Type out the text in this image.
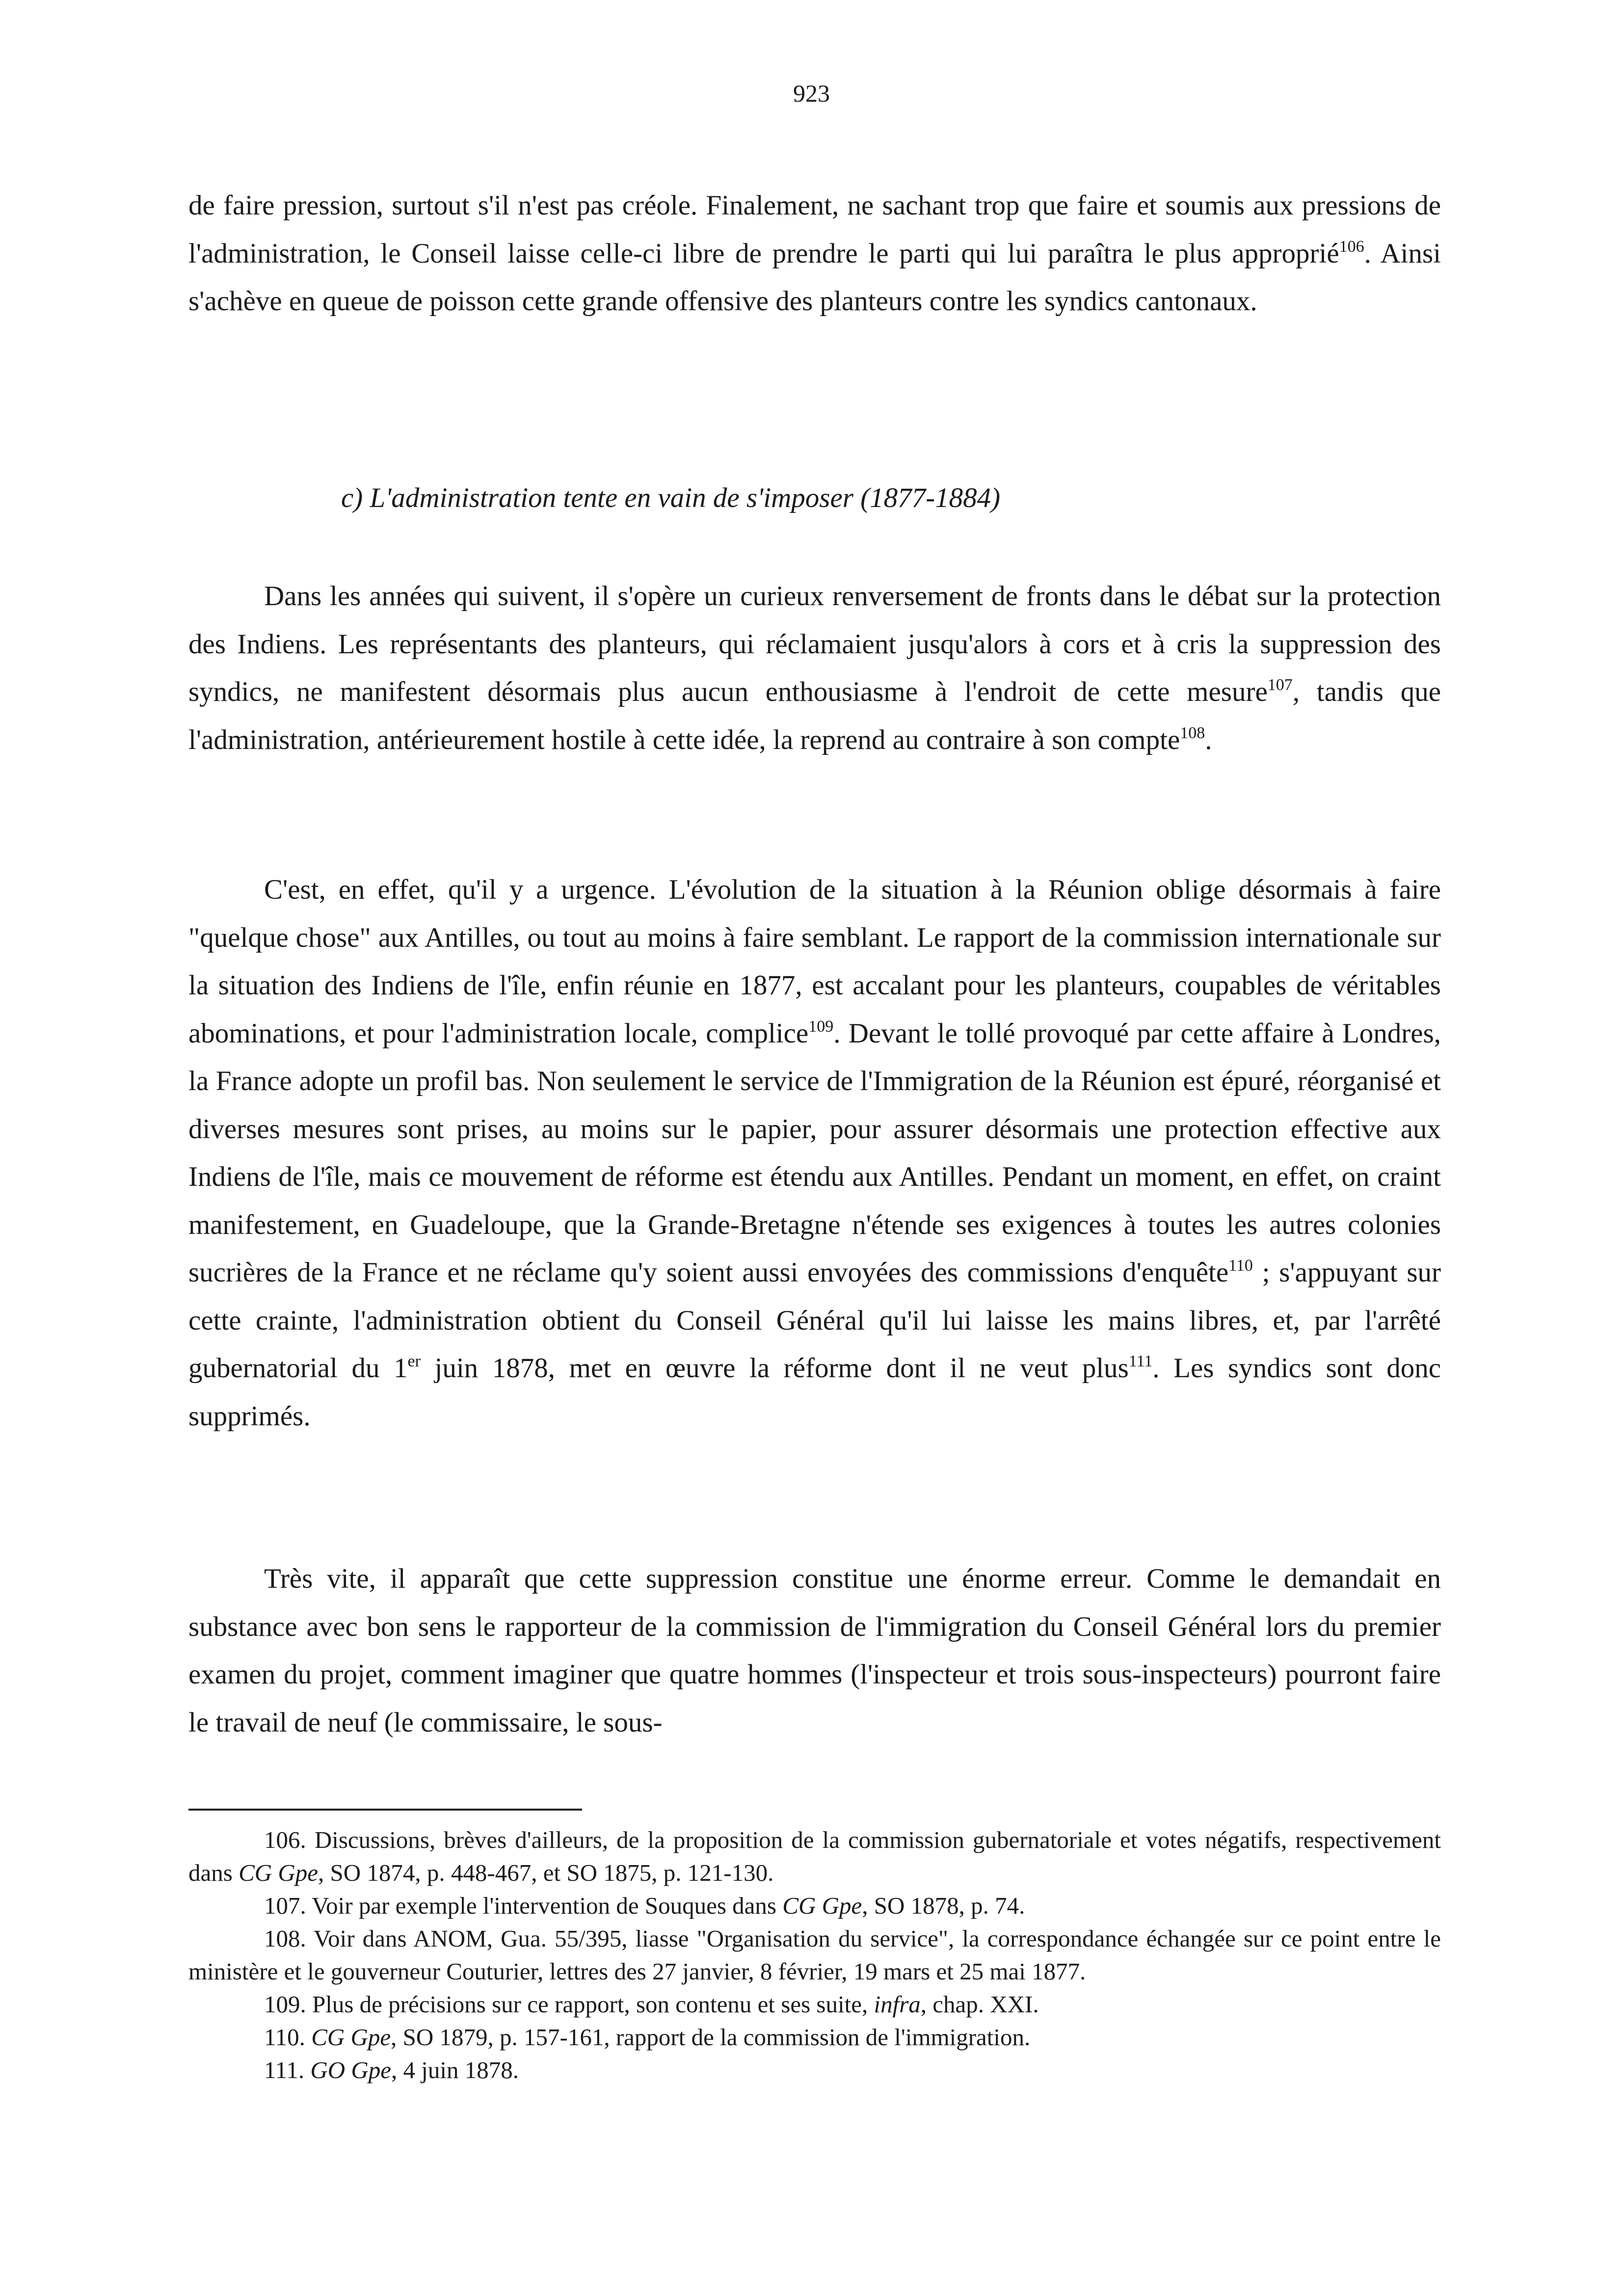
923

de faire pression, surtout s'il n'est pas créole. Finalement, ne sachant trop que faire et soumis aux pressions de l'administration, le Conseil laisse celle-ci libre de prendre le parti qui lui paraîtra le plus approprié$^{106}$. Ainsi s'achève en queue de poisson cette grande offensive des planteurs contre les syndics cantonaux.

c) L'administration tente en vain de s'imposer (1877-1884)

Dans les années qui suivent, il s'opère un curieux renversement de fronts dans le débat sur la protection des Indiens. Les représentants des planteurs, qui réclamaient jusqu'alors à cors et à cris la suppression des syndics, ne manifestent désormais plus aucun enthousiasme à l'endroit de cette mesure$^{107}$, tandis que l'administration, antérieurement hostile à cette idée, la reprend au contraire à son compte$^{108}$.

C'est, en effet, qu'il y a urgence. L'évolution de la situation à la Réunion oblige désormais à faire "quelque chose" aux Antilles, ou tout au moins à faire semblant. Le rapport de la commission internationale sur la situation des Indiens de l'île, enfin réunie en 1877, est accalant pour les planteurs, coupables de véritables abominations, et pour l'administration locale, complice$^{109}$. Devant le tollé provoqué par cette affaire à Londres, la France adopte un profil bas. Non seulement le service de l'Immigration de la Réunion est épuré, réorganisé et diverses mesures sont prises, au moins sur le papier, pour assurer désormais une protection effective aux Indiens de l'île, mais ce mouvement de réforme est étendu aux Antilles. Pendant un moment, en effet, on craint manifestement, en Guadeloupe, que la Grande-Bretagne n'étende ses exigences à toutes les autres colonies sucrières de la France et ne réclame qu'y soient aussi envoyées des commissions d'enquête$^{110}$ ; s'appuyant sur cette crainte, l'administration obtient du Conseil Général qu'il lui laisse les mains libres, et, par l'arrêté gubernatorial du 1er juin 1878, met en œuvre la réforme dont il ne veut plus$^{111}$. Les syndics sont donc supprimés.

Très vite, il apparaît que cette suppression constitue une énorme erreur. Comme le demandait en substance avec bon sens le rapporteur de la commission de l'immigration du Conseil Général lors du premier examen du projet, comment imaginer que quatre hommes (l'inspecteur et trois sous-inspecteurs) pourront faire le travail de neuf (le commissaire, le sous-

106. Discussions, brèves d'ailleurs, de la proposition de la commission gubernatoriale et votes négatifs, respectivement dans CG Gpe, SO 1874, p. 448-467, et SO 1875, p. 121-130.

107. Voir par exemple l'intervention de Souques dans CG Gpe, SO 1878, p. 74.

108. Voir dans ANOM, Gua. 55/395, liasse "Organisation du service", la correspondance échangée sur ce point entre le ministère et le gouverneur Couturier, lettres des 27 janvier, 8 février, 19 mars et 25 mai 1877.

109. Plus de précisions sur ce rapport, son contenu et ses suite, infra, chap. XXI.

110. CG Gpe, SO 1879, p. 157-161, rapport de la commission de l'immigration.

111. GO Gpe, 4 juin 1878.
